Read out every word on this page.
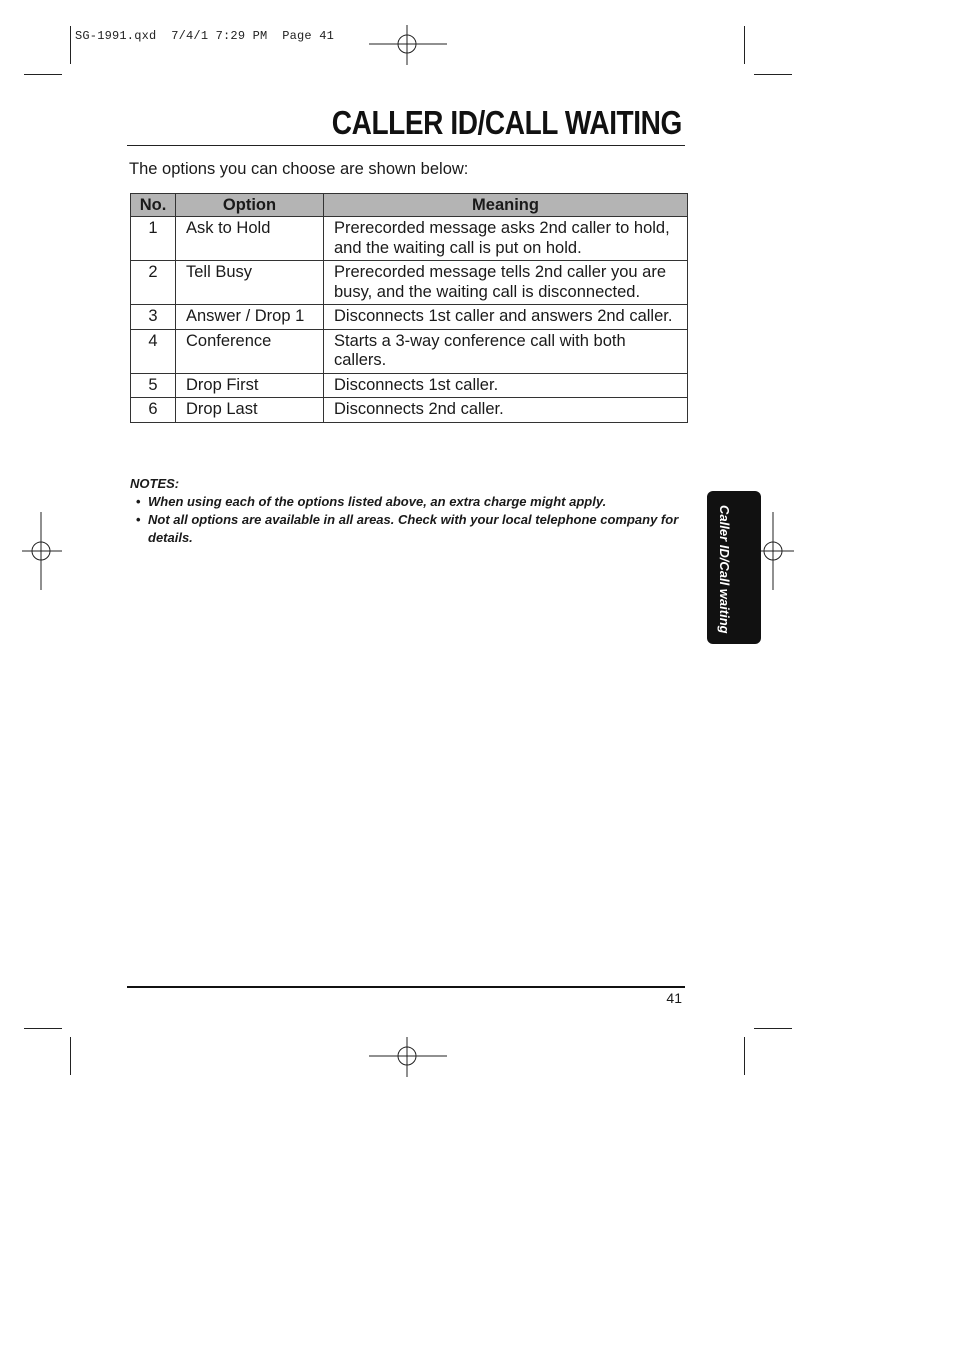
SG-1991.qxd  7/4/1 7:29 PM  Page 41
CALLER ID/CALL WAITING
The options you can choose are shown below:
No.	Option	Meaning
1	Ask to Hold	Prerecorded message asks 2nd caller to hold, and the waiting call is put on hold.
2	Tell Busy	Prerecorded message tells 2nd caller you are busy, and the waiting call is disconnected.
3	Answer / Drop 1	Disconnects 1st caller and answers 2nd caller.
4	Conference	Starts a 3-way conference call with both callers.
5	Drop First	Disconnects 1st caller.
6	Drop Last	Disconnects 2nd caller.
NOTES:
• When using each of the options listed above, an extra charge might apply.
• Not all options are available in all areas. Check with your local telephone company for details.	Caller ID/Call waiting
41
